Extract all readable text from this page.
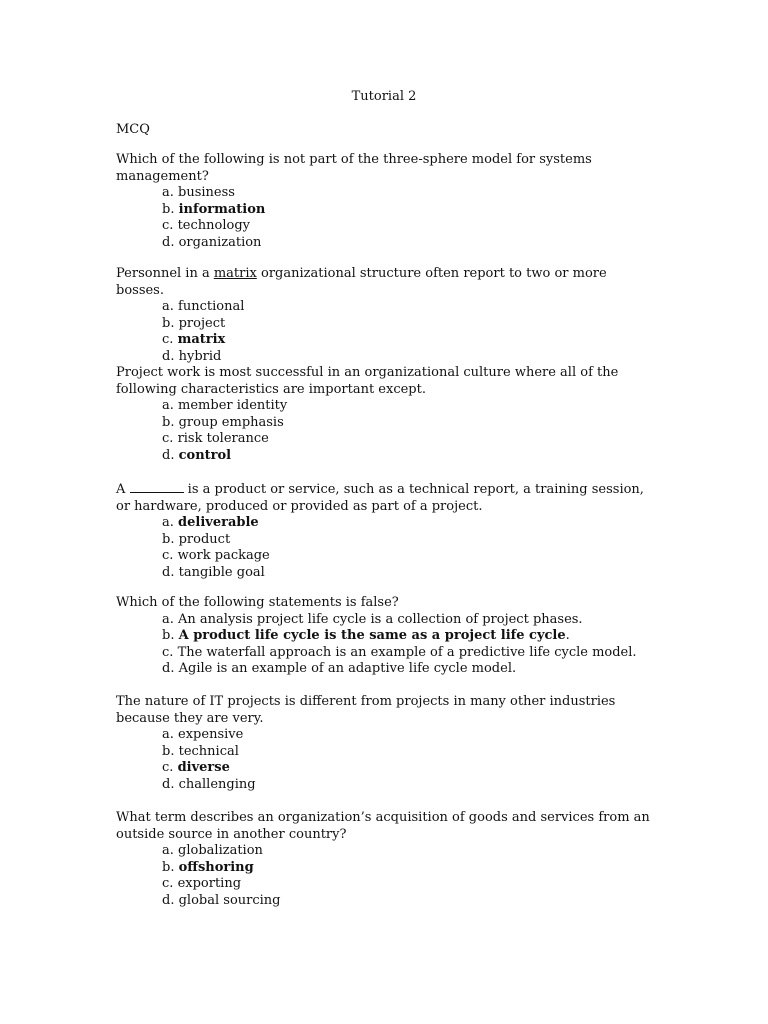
Tutorial 2
MCQ
Which of the following is not part of the three-sphere model for systems management?
a. business
b. information
c. technology
d. organization
Personnel in a matrix organizational structure often report to two or more bosses.
a. functional
b. project
c. matrix
d. hybrid
Project work is most successful in an organizational culture where all of the following characteristics are important except.
a. member identity
b. group emphasis
c. risk tolerance
d. control
A	is a product or service, such as a technical report, a training session, or hardware, produced or provided as part of a project.
a. deliverable
b. product
c. work package
d. tangible goal
Which of the following statements is false?
a. An analysis project life cycle is a collection of project phases.
b. A product life cycle is the same as a project life cycle.
c. The waterfall approach is an example of a predictive life cycle model.
d. Agile is an example of an adaptive life cycle model.
The nature of IT projects is different from projects in many other industries because they are very.
a. expensive
b. technical
c. diverse
d. challenging
What term describes an organization’s acquisition of goods and services from an outside source in another country?
a. globalization
b. offshoring
c. exporting
d. global sourcing
